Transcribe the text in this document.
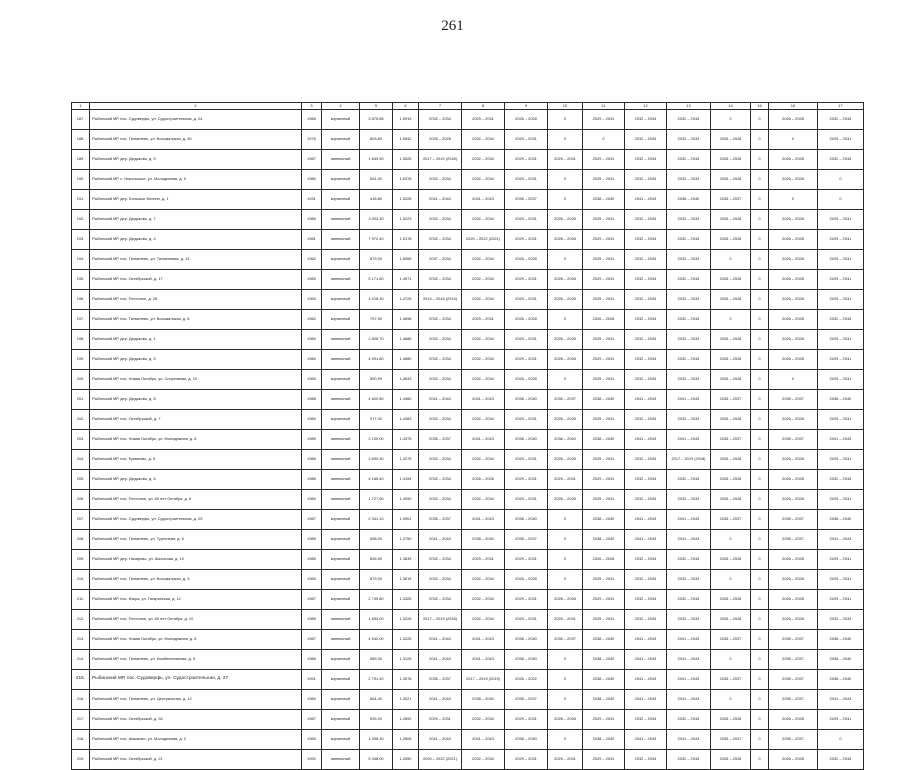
261
1	2	3	4	5	6	7	8	9	10	11	12	13	14	15	16	17
187.	Рыбинский МР, пос. Судоверфь, ул. Судостроительная, д. 24	1966	кирпичный	3 875,85	1,5919	2032 – 2034	2029 – 2031	2026 – 2028	0	2029 – 2031	2032 – 2034	2032 – 2034	0	0	2026 – 2028	2032 – 2034
188.	Рыбинский МР, пос. Тихменево, ул. Восьмалская, д. 30	1976	кирпичный	803,60	1,5542	2026 – 2028	2032 – 2034	2029 – 2031	0	0	2032 – 2034	2032 – 2034	2026 – 2028	0	0	2029 – 2031
189.	Рыбинский МР, дер. Дюдьково, д. 9	1987	панельный	1 843,90	1,5525	2017 – 2019 (2018)	2032 – 2034	2029 – 2031	2029 – 2031	2029 – 2031	2032 – 2034	2032 – 2034	2026 – 2028	0	2026 – 2028	2032 – 2034
190.	Рыбинский МР, с. Никольское, ул. Молодежная, д. 5	1980	кирпичный	561,00	1,5376	2032 – 2034	2032 – 2034	2029 – 2031	0	2029 – 2031	2032 – 2034	2032 – 2034	2026 – 2028	0	2026 – 2028	0
191.	Рыбинский МР, дер. Большое Белино, д. 1	1931	кирпичный	418,80	1,5228	2041 – 2043	2041 – 2043	2035 – 2037	0	2038 – 2040	2041 – 2043	2038 – 2040	2035 – 2037	0	0	0
192.	Рыбинский МР, дер. Дюдьково, д. 7	1985	панельный	3 903,30	1,5223	2032 – 2034	2032 – 2034	2029 – 2031	2026 – 2028	2029 – 2031	2032 – 2034	2032 – 2034	2026 – 2028	0	2026 – 2028	2029 – 2031
193.	Рыбинский МР, дер. Дюдьково, д. 4	1981	панельный	7 972,40	1,5178	2032 – 2034	2020 – 2022 (2021)	2029 – 2031	2026 – 2028	2029 – 2031	2032 – 2034	2032 – 2034	2026 – 2028	0	2026 – 2028	2029 – 2031
194.	Рыбинский МР, пос. Тихменево, ул. Тихменевая, д. 13	1962	кирпичный	879,00	1,5065	2037 – 2034	2032 – 2034	2026 – 2028	0	2029 – 2031	2032 – 2034	2032 – 2034	0	0	2026 – 2028	2029 – 2031
195.	Рыбинский МР, пос. Октябрьский, д. 17	1983	панельный	5 171,60	1,4971	2032 – 2034	2032 – 2034	2029 – 2031	2026 – 2028	2029 – 2031	2032 – 2034	2032 – 2034	2026 – 2028	0	2026 – 2028	2029 – 2031
196.	Рыбинский МР, пос. Песочное, д. 28	1963	кирпичный	1 018,30	1,4725	2014 – 2016 (2014)	2032 – 2034	2029 – 2031	2026 – 2028	2029 – 2031	2032 – 2034	2032 – 2034	2026 – 2028	0	2026 – 2028	2029 – 2031
197.	Рыбинский МР, пос. Тихменево, ул. Восьмалская, д. 6	1962	кирпичный	797,90	1,4698	2032 – 2034	2029 – 2031	2026 – 2028	0	2026 – 2028	2032 – 2034	2032 – 2034	0	0	2026 – 2028	2032 – 2034
198.	Рыбинский МР, дер. Дюдьково, д. 1	1984	панельный	2 806,70	1,4686	2032 – 2034	2032 – 2034	2029 – 2031	2026 – 2028	2029 – 2031	2032 – 2034	2032 – 2034	2026 – 2028	0	2026 – 2028	2029 – 2031
199.	Рыбинский МР, дер. Дюдьково, д. 5	1984	панельный	4 591,80	1,4680	2032 – 2034	2032 – 2034	2029 – 2031	2026 – 2028	2029 – 2031	2032 – 2034	2032 – 2034	2026 – 2028	0	2026 – 2028	2029 – 2031
200.	Рыбинский МР, пос. Новая Октябрь, ул. Спортивная, д. 10	1983	кирпичный	590,90	1,4633	2032 – 2034	2032 – 2034	2026 – 2028	0	2029 – 2031	2032 – 2034	2032 – 2034	2026 – 2028	0	0	2029 – 2031
201.	Рыбинский МР, дер. Дюдьково, д. 8	1988	панельный	4 620,60	1,4460	2041 – 2043	2041 – 2043	2038 – 2040	2035 – 2037	2038 – 2040	2041 – 2043	2041 – 2043	2035 – 2037	0	2035 – 2037	2038 – 2040
202.	Рыбинский МР, пос. Октябрьский, д. 7	1984	кирпичный	977,00	1,4383	2032 – 2034	2032 – 2034	2029 – 2031	2026 – 2028	2029 – 2031	2032 – 2034	2032 – 2034	2026 – 2028	0	2026 – 2028	2029 – 2031
203.	Рыбинский МР, пос. Новая Октябрь, ул. Молодежная, д. 6	1989	панельный	2 100,00	1,4375	2035 – 2037	2041 – 2043	2038 – 2040	2038 – 2040	2038 – 2040	2041 – 2043	2041 – 2043	2035 – 2037	0	2035 – 2037	2041 – 2043
204.	Рыбинский МР, пос. Ермаково, д. 5	1986	панельный	2 690,30	1,4275	2032 – 2034	2032 – 2034	2029 – 2031	2026 – 2028	2029 – 2031	2032 – 2034	2017 – 2019 (2018)	2026 – 2028	0	2026 – 2028	2029 – 2031
205.	Рыбинский МР, дер. Дюдьково, д. 6	1986	панельный	4 165,40	1,4194	2032 – 2034	2026 – 2028	2029 – 2031	2029 – 2031	2029 – 2031	2032 – 2034	2032 – 2034	2026 – 2028	0	2026 – 2028	2032 – 2034
206.	Рыбинский МР, пос. Песочное, ул. 60 лет Октября, д. 6	1984	панельный	1 727,60	1,4090	2032 – 2034	2032 – 2034	2029 – 2031	2026 – 2028	2029 – 2031	2032 – 2034	2032 – 2034	2026 – 2028	0	2026 – 2028	2029 – 2031
207.	Рыбинский МР, пос. Судоверфь, ул. Судостроительная, д. 25	1987	кирпичный	2 341,10	1,3901	2035 – 2037	2041 – 2043	2038 – 2040	0	2038 – 2040	2041 – 2043	2041 – 2043	2035 – 2037	0	2035 – 2037	2038 – 2040
208.	Рыбинский МР, пос. Тихменево, ул. Тургенева, д. 6	1989	кирпичный	598,00	1,3750	2041 – 2043	2038 – 2040	2035 – 2037	0	2038 – 2040	2041 – 2043	2041 – 2043	0	0	2035 – 2037	2041 – 2043
209.	Рыбинский МР, дер. Назарово, ул. Школьная, д. 10	1985	кирпичный	826,50	1,3639	2032 – 2034	2029 – 2031	2029 – 2031	0	2026 – 2028	2032 – 2034	2032 – 2034	2026 – 2028	0	2026 – 2028	2029 – 2031
210.	Рыбинский МР, пос. Тихменево, ул. Восьмалская, д. 3	1983	кирпичный	879,00	1,3615	2032 – 2034	2032 – 2034	2026 – 2028	0	2029 – 2031	2032 – 2034	2032 – 2034	0	0	2026 – 2028	2029 – 2031
211.	Рыбинский МР, пос. Искра, ул. Гагаринская, д. 12	1987	кирпичный	2 749,80	1,3325	2032 – 2034	2032 – 2034	2029 – 2031	2026 – 2028	2029 – 2031	2032 – 2034	2032 – 2034	2026 – 2028	0	2026 – 2028	2029 – 2031
212.	Рыбинский МР, пос. Песочное, ул. 60 лет Октября, д. 10	1989	панельный	1 653,00	1,3226	2017 – 2019 (2018)	2032 – 2034	2029 – 2031	2029 – 2031	2029 – 2031	2032 – 2034	2032 – 2034	2026 – 2028	0	2026 – 2028	2032 – 2034
213.	Рыбинский МР, пос. Новая Октябрь, ул. Молодежная, д. 8	1987	панельный	4 542,00	1,3225	2041 – 2043	2041 – 2043	2038 – 2040	2035 – 2037	2038 – 2040	2041 – 2043	2041 – 2043	2035 – 2037	0	2035 – 2037	2038 – 2040
214.	Рыбинский МР, пос. Тихменево, ул. Комбинатовская, д. 5	1986	кирпичный	589,30	1,3125	2041 – 2043	2041 – 2043	2038 – 2040	0	2038 – 2040	2041 – 2043	2041 – 2043	0	0	2035 – 2037	2038 – 2040
215.	Рыбинский МР, пос. Судоверфь, ул. Судостроительная, д. 27	1991	кирпичный	2 751,40	1,3076	2035 – 2037	2017 – 2019 (2019)	2026 – 2022	0	2038 – 2040	2041 – 2043	2041 – 2043	2035 – 2037	0	2035 – 2037	2038 – 2040
216.	Рыбинский МР, пос. Тихменево, ул. Центральная, д. 12	1984	кирпичный	864,40	1,3021	2041 – 2043	2038 – 2040	2035 – 2037	0	2038 – 2040	2041 – 2043	2041 – 2043	0	0	2035 – 2037	2041 – 2043
217.	Рыбинский МР, пос. Октябрьский, д. 32	1987	кирпичный	925,20	1,2892	2029 – 2031	2032 – 2034	2029 – 2031	2026 – 2028	2029 – 2031	2032 – 2034	2032 – 2034	2026 – 2028	0	2026 – 2028	2029 – 2031
218.	Рыбинский МР, пос. Шашково, ул. Молодежная, д. 2	1983	кирпичный	1 398,30	1,2806	2041 – 2043	2041 – 2043	2038 – 2040	0	2038 – 2040	2041 – 2043	2041 – 2043	2035 – 2037	0	2035 – 2037	0
219.	Рыбинский МР, пос. Октябрьский, д. 21	1992	панельный	5 348,00	1,2650	2020 – 2022 (2021)	2032 – 2034	2029 – 2031	2029 – 2031	2029 – 2031	2032 – 2034	2032 – 2034	2026 – 2028	0	2026 – 2028	2032 – 2034
